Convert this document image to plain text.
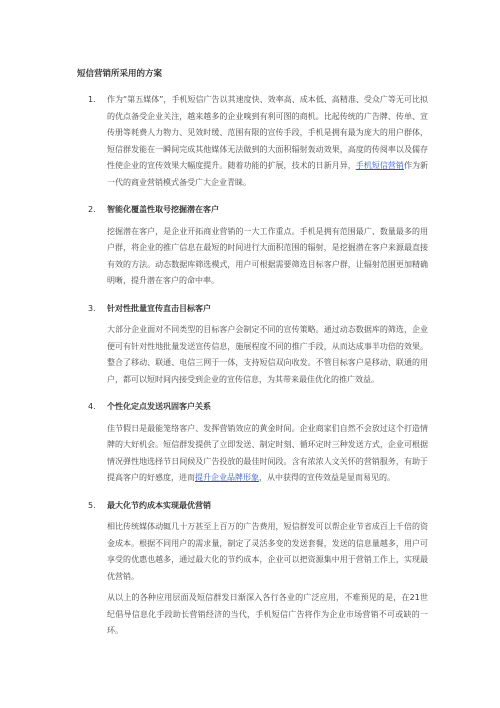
短信营销所采用的方案
1. 作为“第五媒体”，手机短信广告以其速度快、效率高、成本低、高精准、受众广等无可比拟的优点备受企业关注，越来越多的企业嗅到有利可图的商机。比起传统的广告牌、传单、宣传册等耗费人力物力、见效时缓、范围有限的宣传手段，手机是拥有最为庞大的用户群体，短信群发能在一瞬间完成其他媒体无法做到的大面积辐射轰动效果，高度的传阅率以及儒存性使企业的宣传效果大幅度提升。随着功能的扩展，技术的日新月异，手机短信营销作为新一代的商业营销模式备受广大企业青睐。

2. 智能化覆盖性取号挖掘潜在客户

挖掘潜在客户，是企业开拓商业营销的一大工作重点。手机是拥有范围最广、数量最多的用户群，将企业的推广信息在最短的时间进行大面积范围的辐射，是挖掘潜在客户来源最直接有效的方法。动态数据库筛选模式，用户可根据需要筛选目标客户群，让辐射范围更加精确明晰，提升潜在客户的命中率。

3. 针对性批量宣传直击目标客户

大部分企业面对不同类型的目标客户会制定不同的宣传策略。通过动态数据库的筛选，企业便可有针对性地批量发送宣传信息，施展程度不同的推广手段，从而达成事半功倍的效果。整合了移动、联通、电信三网于一体，支持短信双向收发。不管目标客户是移动、联通的用户，都可以短时间内接受到企业的宣传信息，为其带来最佳优化的推广效益。

4. 个性化定点发送巩固客户关系

佳节假日是最能笼络客户、发挥营销效应的黄金时间。企业商家们自然不会放过这个打造情牌的大好机会。短信群发提供了立即发送、制定时刻、循环定时三种发送方式，企业可根据情况弹性地选择节日间候及广告投放的最佳时间段。含有浓浓人文关怀的营销服务，有助于提高客户的好感度，进而提升企业品牌形象，从中获得的宣传效益是显而易见的。

5. 最大化节约成本实现最优营销

相比传统媒体动辄几十万甚至上百万的广告费用，短信群发可以帮企业节省成百上千倍的资金成本。根据不同用户的需求量，制定了灵活多变的发送套餐，发送的信息量越多，用户可享受的优惠也越多，通过最大化的节约成本，企业可以把资源集中用于营销工作上，实现最优营销。

从以上的各种应用层面及短信群发日渐深入各行各业的广泛应用，不难预见的是，在21世纪倡导信息化手段助长营销经济的当代，手机短信广告将作为企业市场营销不可或缺的一环。
